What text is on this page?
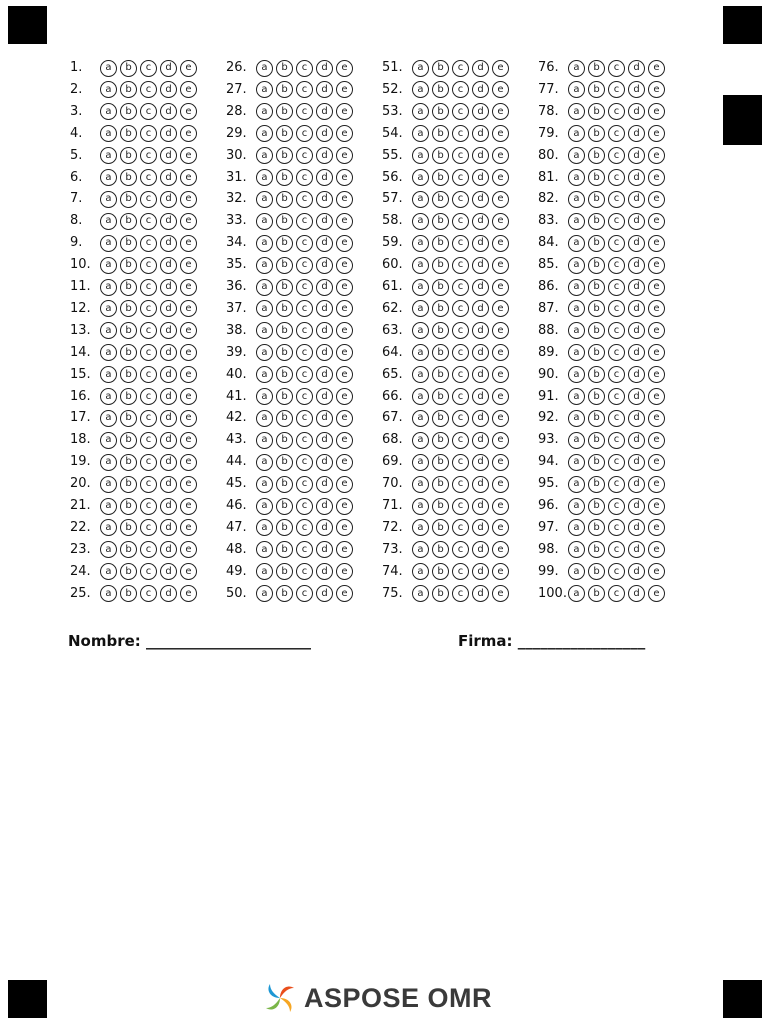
1.	a	b	c	d	e
2.	a	b	c	d	e
3.	a	b	c	d	e
4.	a	b	c	d	e
5.	a	b	c	d	e
6.	a	b	c	d	e
7.	a	b	c	d	e
8.	a	b	c	d	e
9.	a	b	c	d	e
10.	a	b	c	d	e
11.	a	b	c	d	e
12.	a	b	c	d	e
13.	a	b	c	d	e
14.	a	b	c	d	e
15.	a	b	c	d	e
16.	a	b	c	d	e
17.	a	b	c	d	e
18.	a	b	c	d	e
19.	a	b	c	d	e
20.	a	b	c	d	e
21.	a	b	c	d	e
22.	a	b	c	d	e
23.	a	b	c	d	e
24.	a	b	c	d	e
25.	a	b	c	d	e
26.	a	b	c	d	e
27.	a	b	c	d	e
28.	a	b	c	d	e
29.	a	b	c	d	e
30.	a	b	c	d	e
31.	a	b	c	d	e
32.	a	b	c	d	e
33.	a	b	c	d	e
34.	a	b	c	d	e
35.	a	b	c	d	e
36.	a	b	c	d	e
37.	a	b	c	d	e
38.	a	b	c	d	e
39.	a	b	c	d	e
40.	a	b	c	d	e
41.	a	b	c	d	e
42.	a	b	c	d	e
43.	a	b	c	d	e
44.	a	b	c	d	e
45.	a	b	c	d	e
46.	a	b	c	d	e
47.	a	b	c	d	e
48.	a	b	c	d	e
49.	a	b	c	d	e
50.	a	b	c	d	e
51.	a	b	c	d	e
52.	a	b	c	d	e
53.	a	b	c	d	e
54.	a	b	c	d	e
55.	a	b	c	d	e
56.	a	b	c	d	e
57.	a	b	c	d	e
58.	a	b	c	d	e
59.	a	b	c	d	e
60.	a	b	c	d	e
61.	a	b	c	d	e
62.	a	b	c	d	e
63.	a	b	c	d	e
64.	a	b	c	d	e
65.	a	b	c	d	e
66.	a	b	c	d	e
67.	a	b	c	d	e
68.	a	b	c	d	e
69.	a	b	c	d	e
70.	a	b	c	d	e
71.	a	b	c	d	e
72.	a	b	c	d	e
73.	a	b	c	d	e
74.	a	b	c	d	e
75.	a	b	c	d	e
76.	a	b	c	d	e
77.	a	b	c	d	e
78.	a	b	c	d	e
79.	a	b	c	d	e
80.	a	b	c	d	e
81.	a	b	c	d	e
82.	a	b	c	d	e
83.	a	b	c	d	e
84.	a	b	c	d	e
85.	a	b	c	d	e
86.	a	b	c	d	e
87.	a	b	c	d	e
88.	a	b	c	d	e
89.	a	b	c	d	e
90.	a	b	c	d	e
91.	a	b	c	d	e
92.	a	b	c	d	e
93.	a	b	c	d	e
94.	a	b	c	d	e
95.	a	b	c	d	e
96.	a	b	c	d	e
97.	a	b	c	d	e
98.	a	b	c	d	e
99.	a	b	c	d	e
100. a	b	c	d	e
Nombre: ______________________	Firma: _________________
ASPOSE OMR
